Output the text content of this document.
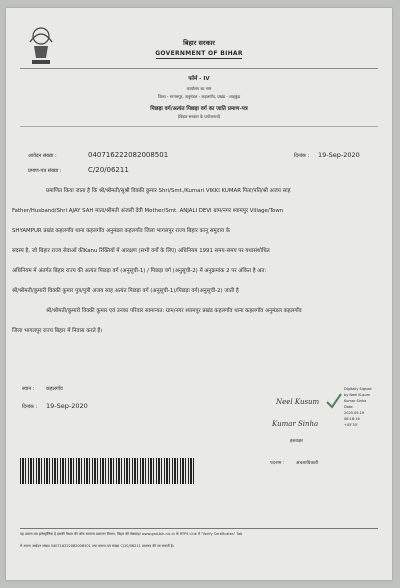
बिहार सरकार
GOVERNMENT OF BIHAR
फॉर्म - IV
कार्यालय का नाम
जिला - भागलपुर, अनुमंडल - कहलगाँव, प्रखंड - शाहकुंड
पिछड़ा वर्ग/अत्यंत पिछड़ा वर्ग का जाति प्रमाण-पत्र
(बिहार सरकार के प्रयोजनार्थ)
आवेदन संख्या :	040716222082008501	दिनांक : 19-Sep-2020
प्रमाण-पत्र संख्या :	C/20/06211
प्रमाणित किया जाता है कि श्री/श्रीमती/सुश्री विक्की कुमार Shri/Smt./Kumari VIKKI KUMAR पिता/पति/श्री अजय साह
Father/Husband/Shri AJAY SAH माता/श्रीमती अंजली देवी Mother/Smt. ANJALI DEVI ग्राम/नगर श्यामपुर Village/Town
SHYAMPUR प्रखंड कहलगाँव थाना कहलगाँव अनुमंडल कहलगाँव जिला भागलपुर राज्य बिहार कानू समुदाय के
सदस्य है, जो बिहार राज्य सेवाओं कीKanu रिक्तियों में आरक्षण (सभी वर्गों के लिए) अधिनियम 1991 समय-समय पर यथासंशोधित
अधिनियम में अंतर्गत बिहार राज्य की अत्यंत पिछड़ा वर्ग (अनुसूची-1) / पिछड़ा वर्ग (अनुसूची-2) में अनुक्रमांक 2 पर अंकित है अत:
श्री/श्रीमती/कुमारी विक्की कुमार पुत्र/पुत्री अजय साह अत्यंत पिछड़ा वर्ग (अनुसूची-1)/पिछड़ा वर्ग(अनुसूची-2) जाती है
श्री/श्रीमती/कुमारी विक्की कुमार एवं उनका परिवार सामान्यत: ग्राम/नगर श्यामपुर प्रखंड कहलगाँव थाना कहलगाँव अनुमंडल कहलगाँव
जिला भागलपुर राज्य बिहार में निवास करते हैं।
स्थान : कहलगाँव
दिनांक : 19-Sep-2020	Neel Kusum
Kumar Sinha
हस्ताक्षर
पदनाम :	अंचलाधिकारी
Digitally Signed
by Neel Kusum
Kumar Sinha
Date:
2020.09.19
08:18:16
+05'30'
यह प्रमाण-पत्र इलेक्ट्रॉनिक है इसकी वैधता की जाँच सामान्य प्रशासन विभाग, बिहार की वेबसाइट www.gad.bih.nic.in के RTPS Link में "Verify Certificates" Tab
में अपना आवेदन संख्या 040716222082008501 तथा प्रमाण-पत्र संख्या C/20/06211 डालकर की जा सकती है।
